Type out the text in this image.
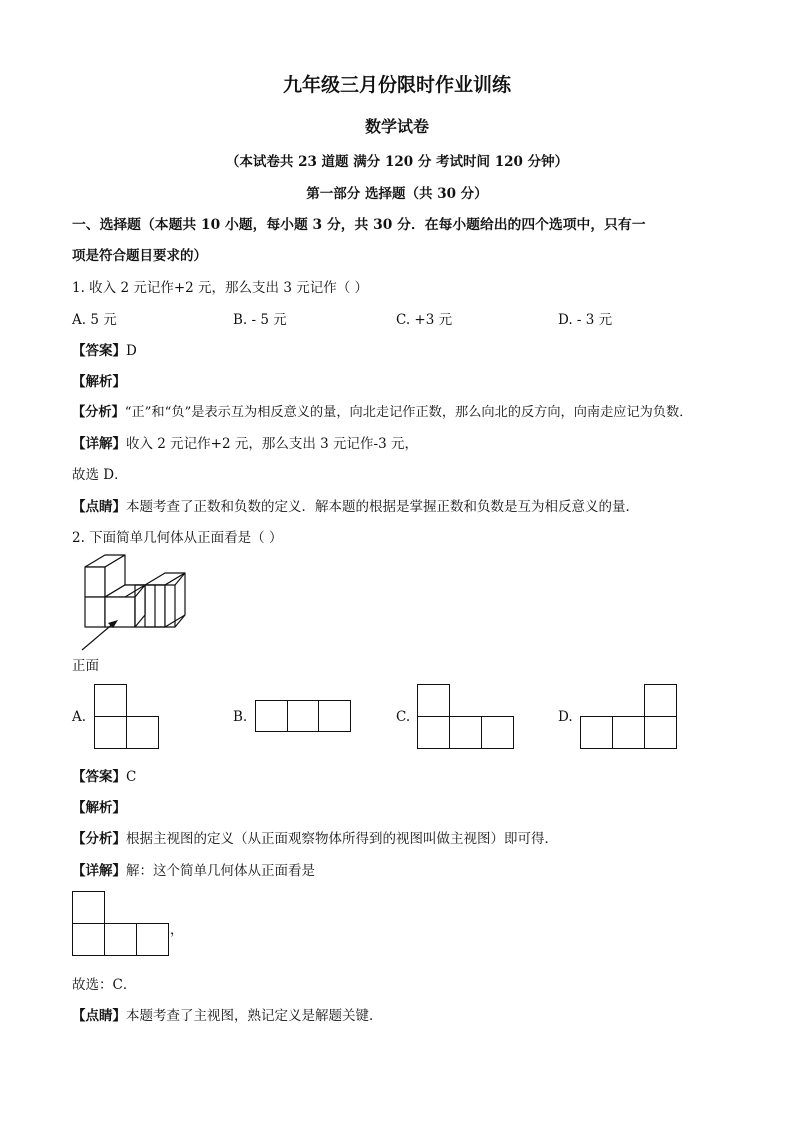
九年级三月份限时作业训练
数学试卷
（本试卷共 23 道题 满分 120 分 考试时间 120 分钟）
第一部分 选择题（共 30 分）
一、选择题（本题共 10 小题，每小题 3 分，共 30 分．在每小题给出的四个选项中，只有一
项是符合题目要求的）
1. 收入 2 元记作+2 元，那么支出 3 元记作（ ）
A. 5 元	B. - 5 元	C. +3 元	D. - 3 元
【答案】D
【解析】
【分析】“正”和“负”是表示互为相反意义的量，向北走记作正数，那么向北的反方向，向南走应记为负数．
【详解】收入 2 元记作+2 元，那么支出 3 元记作-3 元，
故选 D．
【点睛】本题考查了正数和负数的定义．解本题的根据是掌握正数和负数是互为相反意义的量．
2. 下面简单几何体从正面看是（ ）
正面
A.	B.	C.	D.
【答案】C
【解析】
【分析】根据主视图的定义（从正面观察物体所得到的视图叫做主视图）即可得．
【详解】解：这个简单几何体从正面看是
，
故选：C．
【点睛】本题考查了主视图，熟记定义是解题关键．
